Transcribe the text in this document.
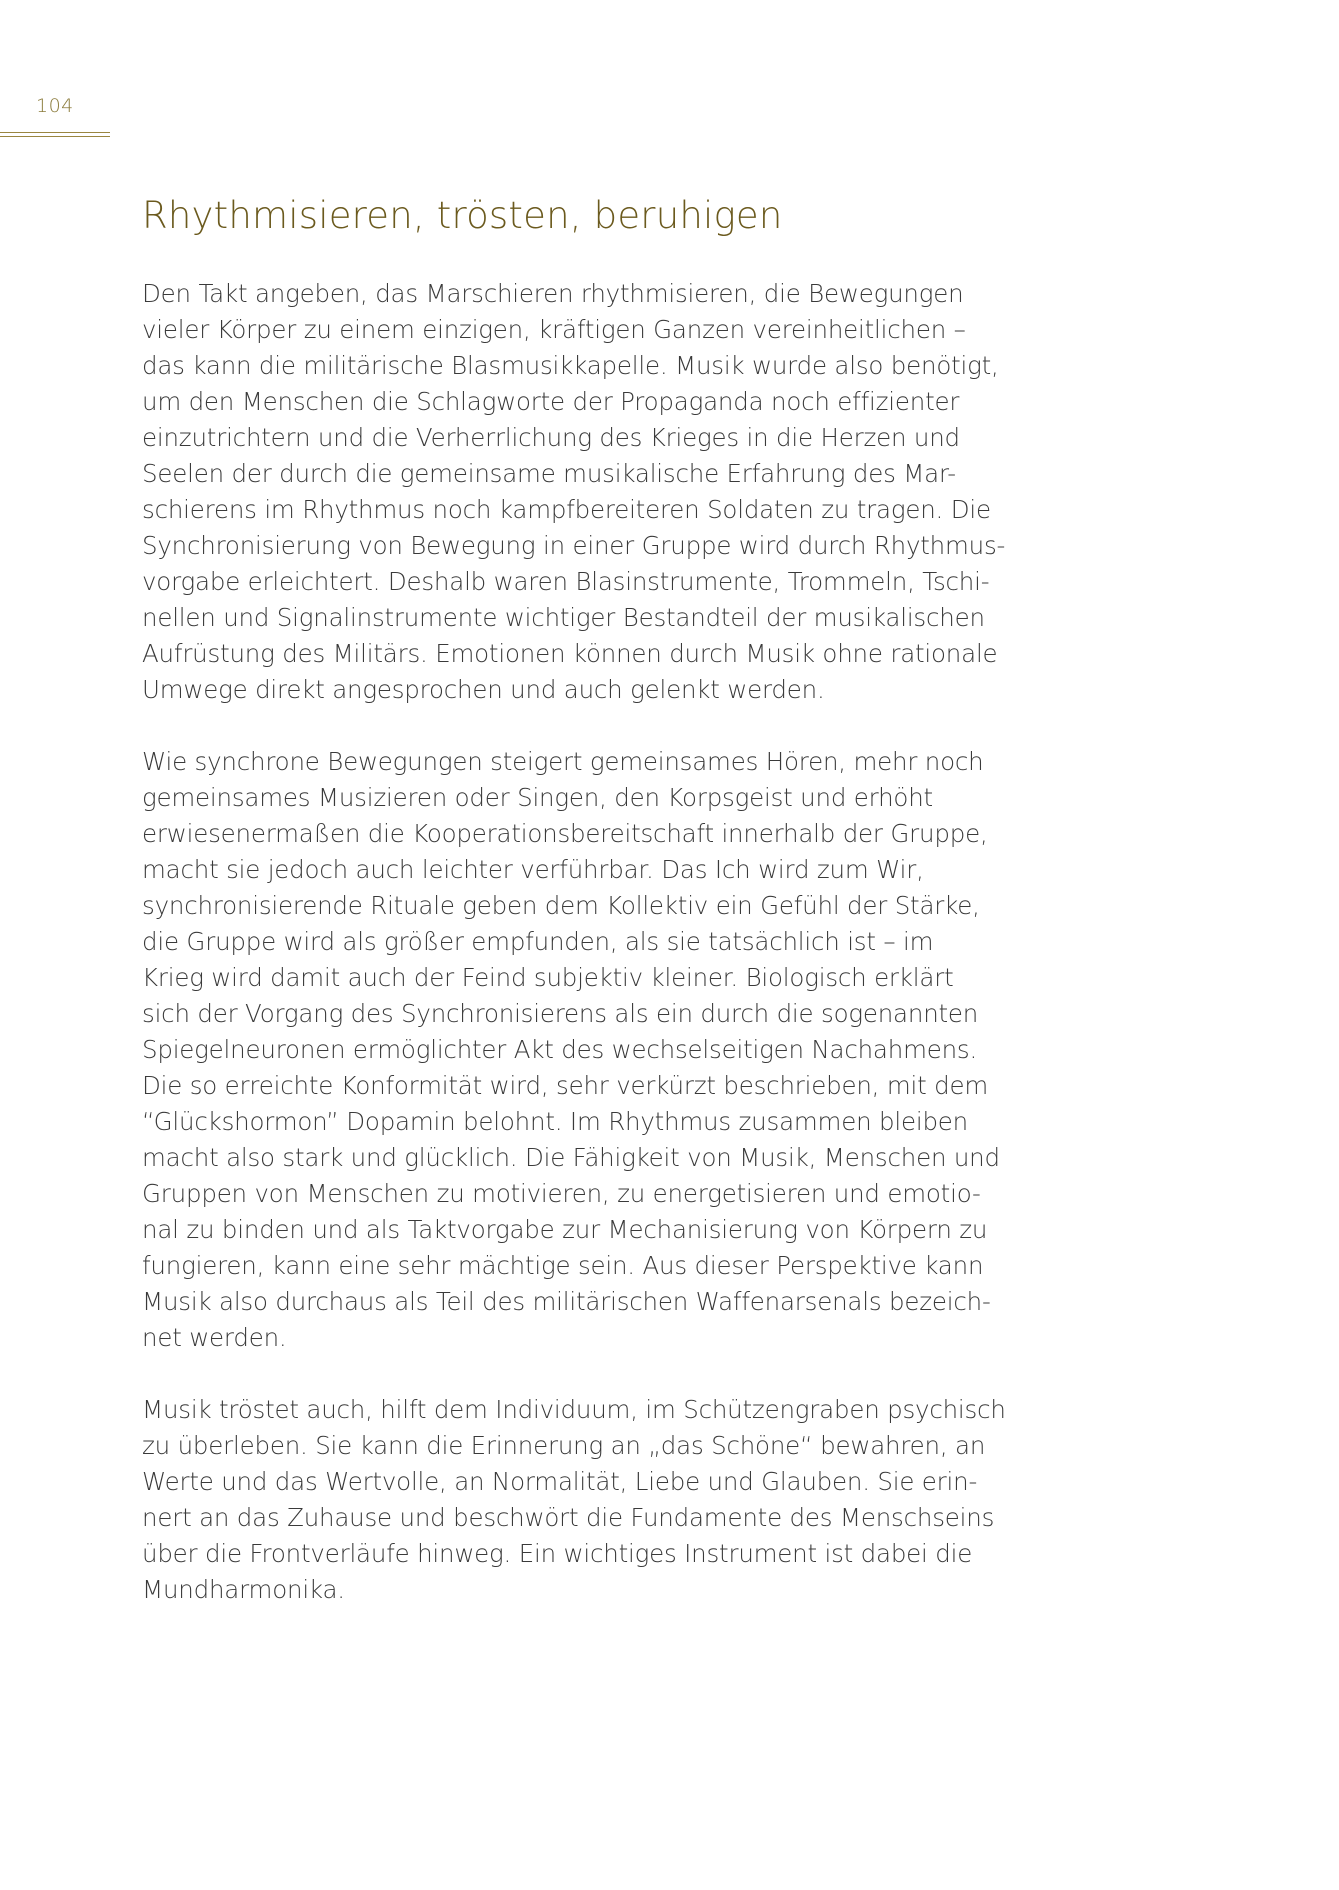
104
Rhythmisieren, trösten, beruhigen

Den Takt angeben, das Marschieren rhythmisieren, die Bewegungen
vieler Körper zu einem einzigen, kräftigen Ganzen vereinheitlichen –
das kann die militärische Blasmusikkapelle. Musik wurde also benötigt,
um den Menschen die Schlagworte der Propaganda noch effizienter
einzutrichtern und die Verherrlichung des Krieges in die Herzen und
Seelen der durch die gemeinsame musikalische Erfahrung des Mar-
schierens im Rhythmus noch kampfbereiteren Soldaten zu tragen. Die
Synchronisierung von Bewegung in einer Gruppe wird durch Rhythmus-
vorgabe erleichtert. Deshalb waren Blasinstrumente, Trommeln, Tschi-
nellen und Signalinstrumente wichtiger Bestandteil der musikalischen
Aufrüstung des Militärs. Emotionen können durch Musik ohne rationale
Umwege direkt angesprochen und auch gelenkt werden.

Wie synchrone Bewegungen steigert gemeinsames Hören, mehr noch
gemeinsames Musizieren oder Singen, den Korpsgeist und erhöht
erwiesenermaßen die Kooperationsbereitschaft innerhalb der Gruppe,
macht sie jedoch auch leichter verführbar. Das Ich wird zum Wir,
synchronisierende Rituale geben dem Kollektiv ein Gefühl der Stärke,
die Gruppe wird als größer empfunden, als sie tatsächlich ist – im
Krieg wird damit auch der Feind subjektiv kleiner. Biologisch erklärt
sich der Vorgang des Synchronisierens als ein durch die sogenannten
Spiegelneuronen ermöglichter Akt des wechselseitigen Nachahmens.
Die so erreichte Konformität wird, sehr verkürzt beschrieben, mit dem
“Glückshormon” Dopamin belohnt. Im Rhythmus zusammen bleiben
macht also stark und glücklich. Die Fähigkeit von Musik, Menschen und
Gruppen von Menschen zu motivieren, zu energetisieren und emotio-
nal zu binden und als Taktvorgabe zur Mechanisierung von Körpern zu
fungieren, kann eine sehr mächtige sein. Aus dieser Perspektive kann
Musik also durchaus als Teil des militärischen Waffenarsenals bezeich-
net werden.

Musik tröstet auch, hilft dem Individuum, im Schützengraben psychisch
zu überleben. Sie kann die Erinnerung an „das Schöne“ bewahren, an
Werte und das Wertvolle, an Normalität, Liebe und Glauben. Sie erin-
nert an das Zuhause und beschwört die Fundamente des Menschseins
über die Frontverläufe hinweg. Ein wichtiges Instrument ist dabei die
Mundharmonika.
